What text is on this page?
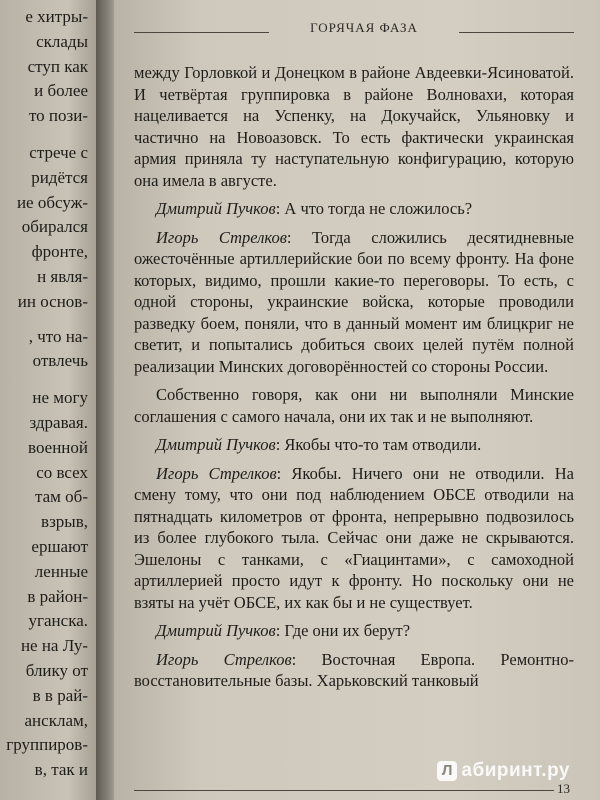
е хитры-
склады
ступ как
и более
то пози-
стрече с
ридётся
ие обсуж-
обирался
фронте,
н явля-
ин основ-
, что на-
отвлечь
не могу
здравая.
военной
со всех
там об-
взрыв,
ершают
ленные
в район-
уганска.
не на Лу-
блику от
в в рай-
ансклам,
группиров-
в, так и
ГОРЯЧАЯ ФАЗА

между Горловкой и Донецком в районе Авдеевки-Ясиноватой. И четвёртая группировка в районе Волновахи, которая нацеливается на Успенку, на Докучайск, Ульяновку и частично на Новоазовск. То есть фактически украинская армия приняла ту наступательную конфигурацию, которую она имела в августе.

Дмитрий Пучков: А что тогда не сложилось?

Игорь Стрелков: Тогда сложились десятидневные ожесточённые артиллерийские бои по всему фронту. На фоне которых, видимо, прошли какие-то переговоры. То есть, с одной стороны, украинские войска, которые проводили разведку боем, поняли, что в данный момент им блицкриг не светит, и попытались добиться своих целей путём полной реализации Минских договорённостей со стороны России.

Собственно говоря, как они ни выполняли Минские соглашения с самого начала, они их так и не выполняют.

Дмитрий Пучков: Якобы что-то там отводили.

Игорь Стрелков: Якобы. Ничего они не отводили. На смену тому, что они под наблюдением ОБСЕ отводили на пятнадцать километров от фронта, непрерывно подвозилось из более глубокого тыла. Сейчас они даже не скрываются. Эшелоны с танками, с «Гиацинтами», с самоходной артиллерией просто идут к фронту. Но поскольку они не взяты на учёт ОБСЕ, их как бы и не существует.

Дмитрий Пучков: Где они их берут?

Игорь Стрелков: Восточная Европа. Ремонтно-восстановительные базы. Харьковский танковый

13
Л абиринт.ру
